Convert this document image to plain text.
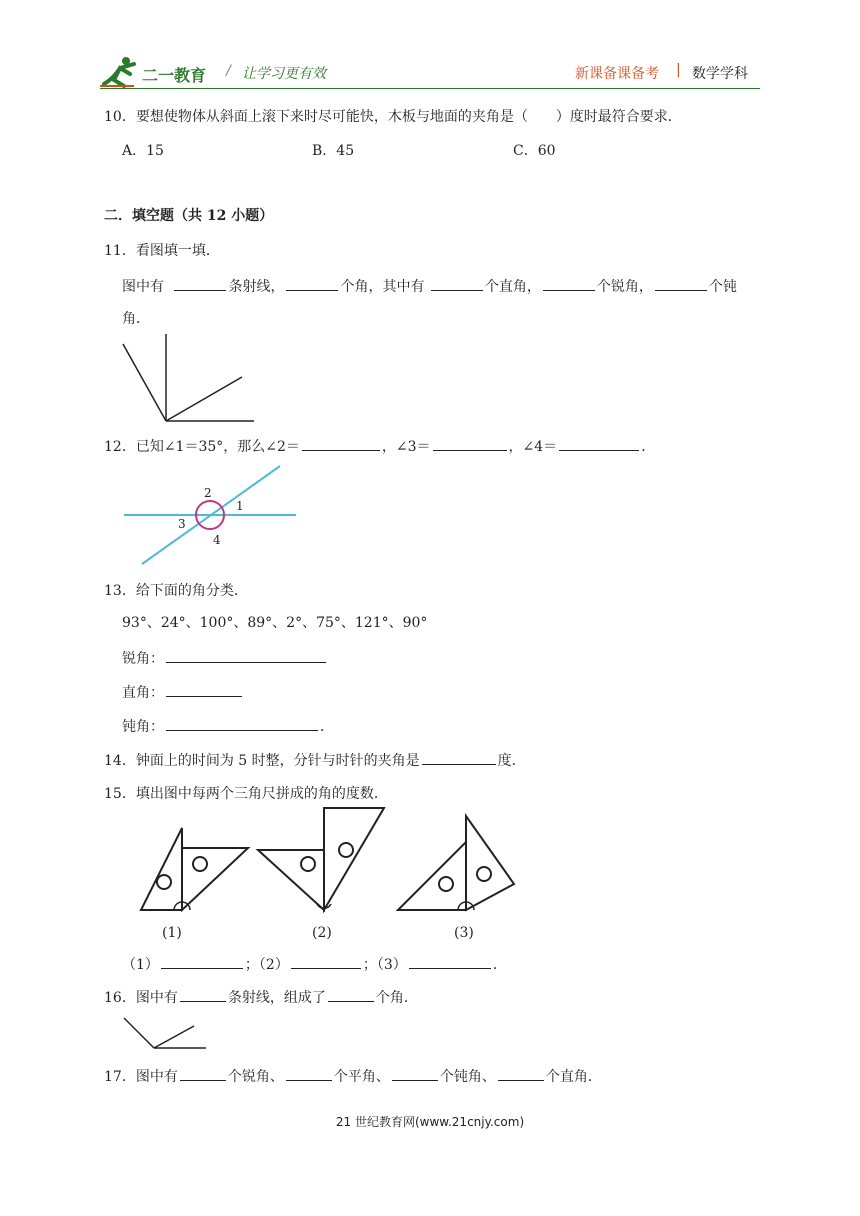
二一教育 / 让学习更有效	新课备课备考 | 数学学科
10．要想使物体从斜面上滚下来时尽可能快，木板与地面的夹角是（　　）度时最符合要求．
A．15	B．45	C．60
二．填空题（共 12 小题）
11．看图填一填．
图中有	条射线，	个角，其中有	个直角，	个锐角，	个钝
角．
12．已知∠1＝35°，那么∠2＝	，∠3＝	，∠4＝	．
2
1
3
4
13．给下面的角分类．
93°、24°、100°、89°、2°、75°、121°、90°
锐角：
直角：
钝角：	．
14．钟面上的时间为 5 时整，分针与时针的夹角是	度．
15．填出图中每两个三角尺拼成的角的度数．
(1)	(2)	(3)
（1）	；（2）	；（3）	．
16．图中有	条射线，组成了	个角．
17．图中有	个锐角、	个平角、	个钝角、	个直角．
21 世纪教育网(www.21cnjy.com)
